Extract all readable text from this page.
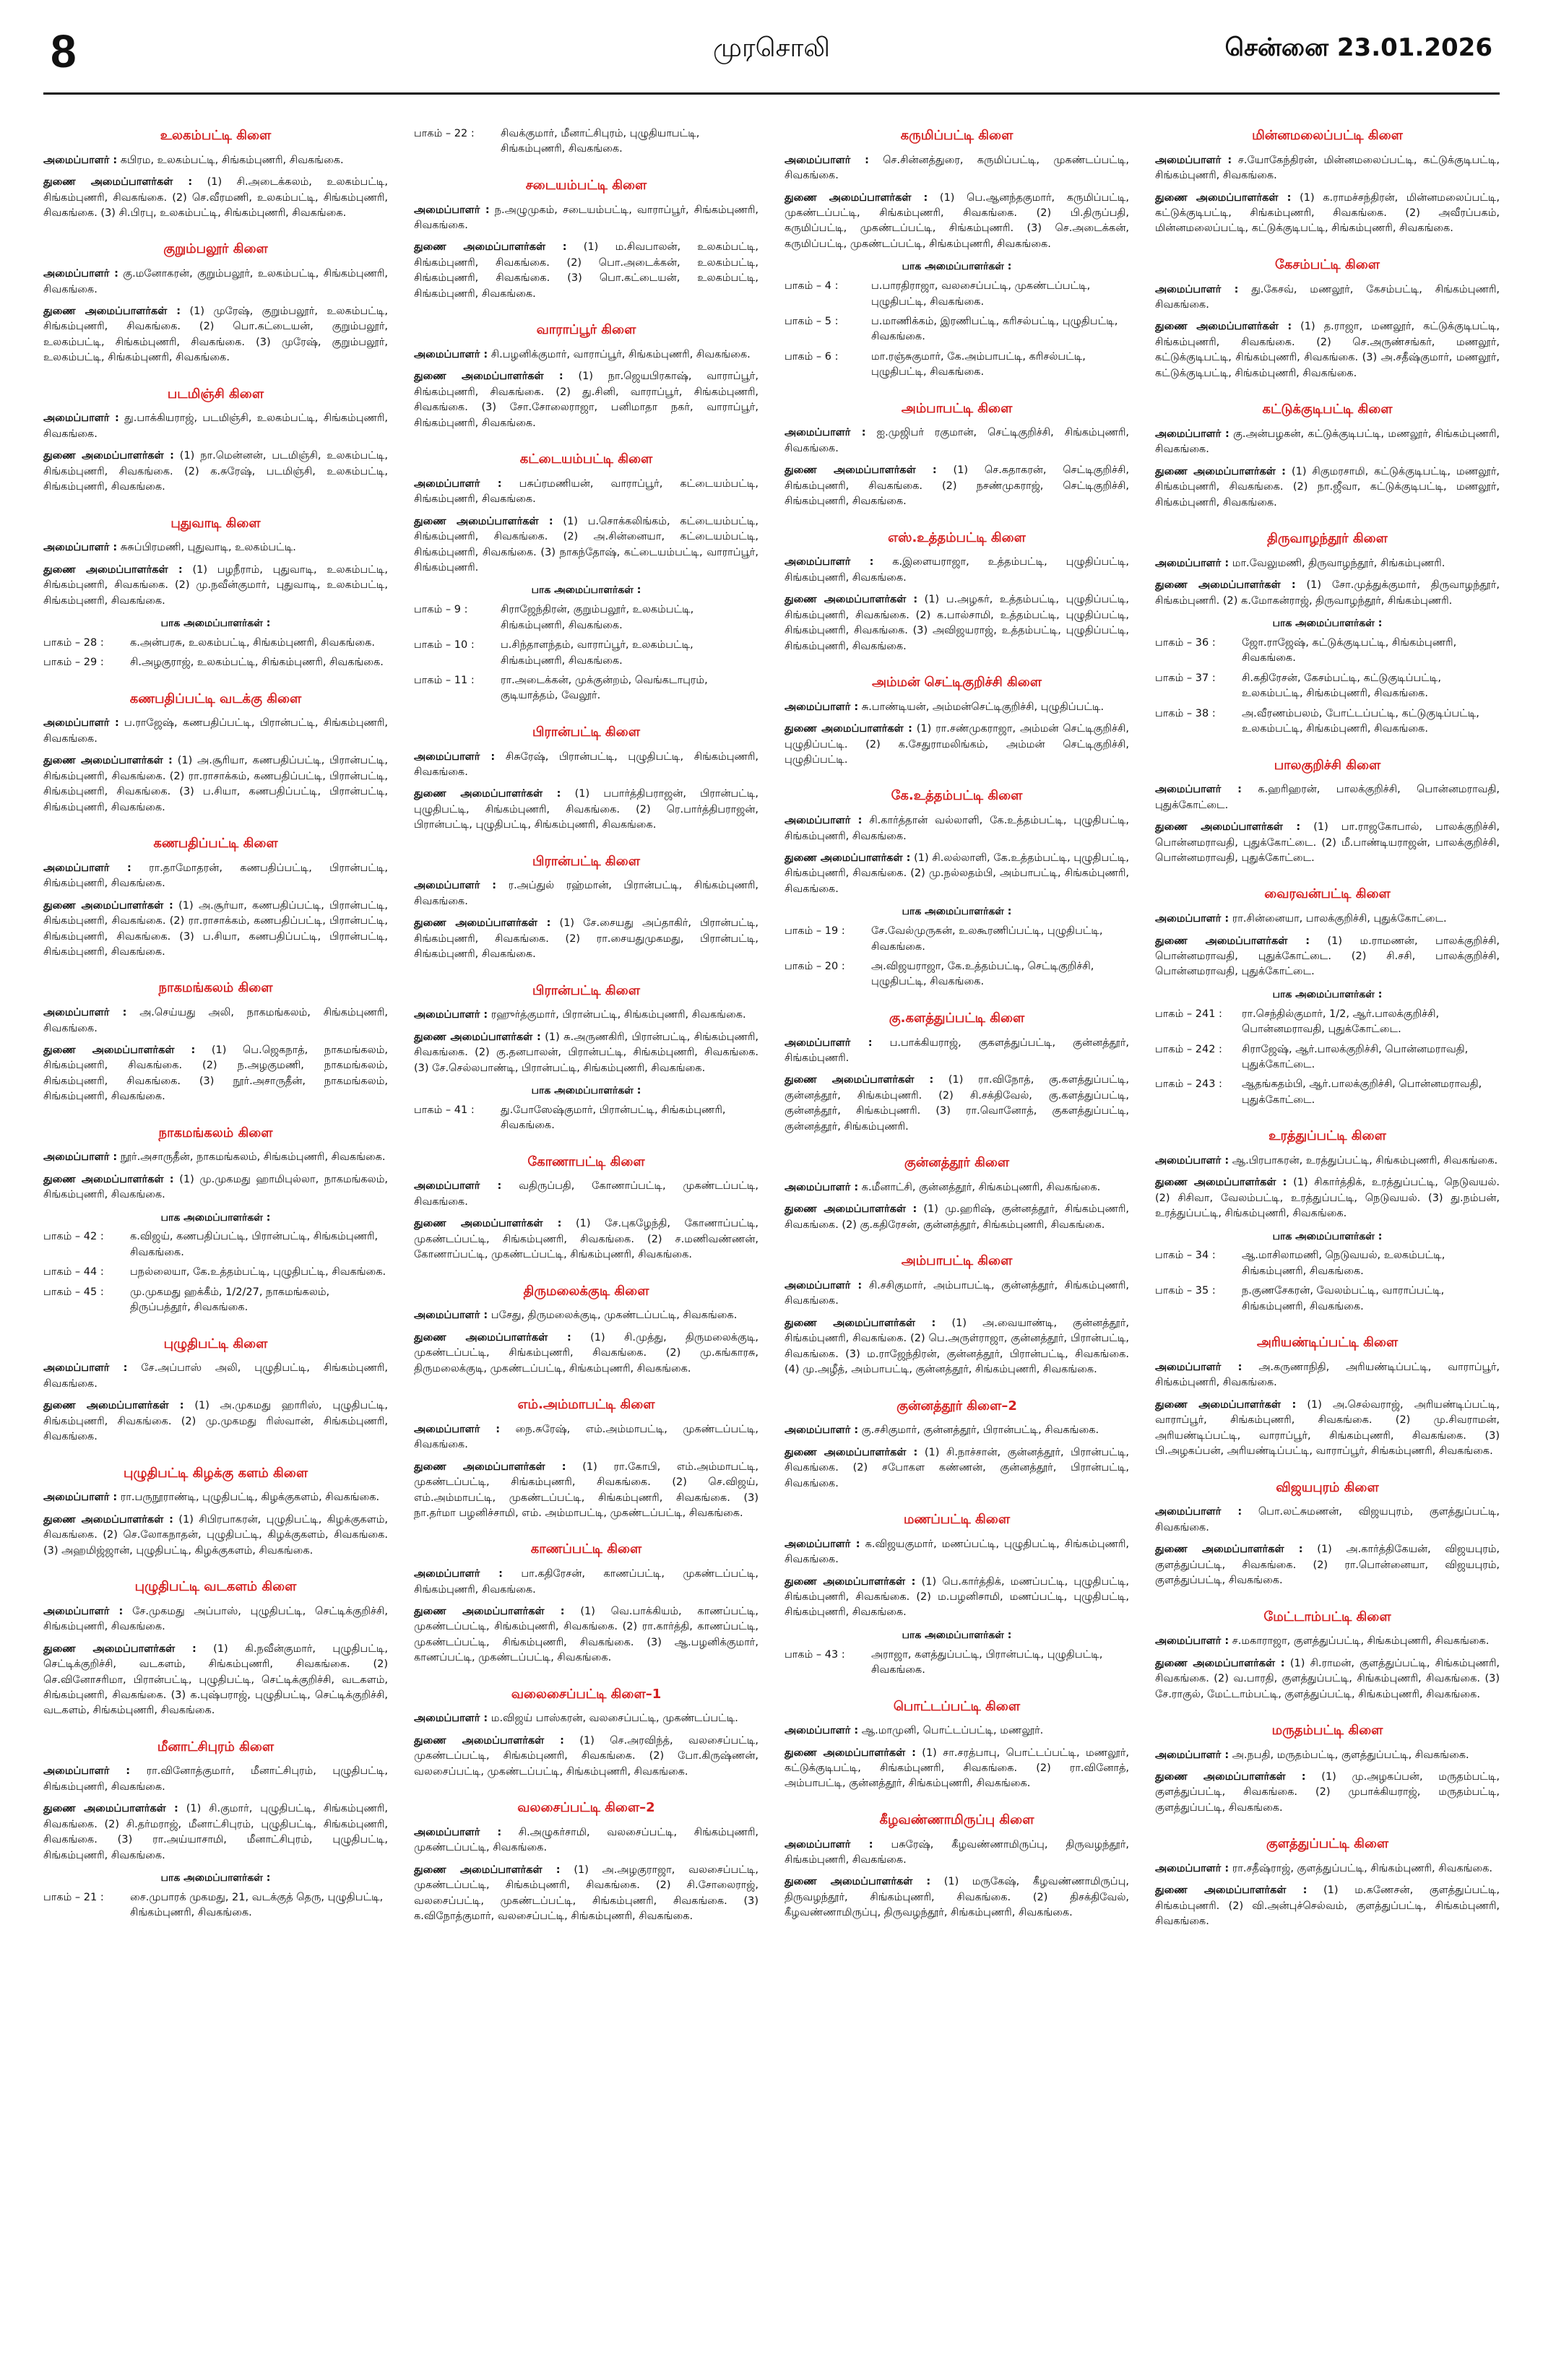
8	முரசொலி	சென்னை 23.01.2026
உலகம்பட்டி கிளை

அமைப்பாளர் : கபிரம, உலகம்பட்டி, சிங்கம்புணரி, சிவகங்கை.

துணை அமைப்பாளர்கள் : (1) சி.அடைக்கலம், உலகம்பட்டி, சிங்கம்புணரி, சிவகங்கை. (2) செ.வீரமணி, உலகம்பட்டி, சிங்கம்புணரி, சிவகங்கை. (3) சி.பிரபு, உலகம்பட்டி, சிங்கம்புணரி, சிவகங்கை.

குறும்பலூர் கிளை

அமைப்பாளர் : கு.மனோகரன், குறும்பலூர், உலகம்பட்டி, சிங்கம்புணரி, சிவகங்கை.

துணை அமைப்பாளர்கள் : (1) முரேஷ், குறும்பலூர், உலகம்பட்டி, சிங்கம்புணரி, சிவகங்கை. (2) பொ.கட்டையன், குறும்பலூர், உலகம்பட்டி, சிங்கம்புணரி, சிவகங்கை. (3) முரேஷ், குறும்பலூர், உலகம்பட்டி, சிங்கம்புணரி, சிவகங்கை.

படமிஞ்சி கிளை

அமைப்பாளர் : து.பாக்கியராஜ், படமிஞ்சி, உலகம்பட்டி, சிங்கம்புணரி, சிவகங்கை.

துணை அமைப்பாளர்கள் : (1) நா.மென்னன், படமிஞ்சி, உலகம்பட்டி, சிங்கம்புணரி, சிவகங்கை. (2) க.சுரேஷ், படமிஞ்சி, உலகம்பட்டி, சிங்கம்புணரி, சிவகங்கை.

புதுவாடி கிளை

அமைப்பாளர் : சுசுப்பிரமணி, புதுவாடி, உலகம்பட்டி.

துணை அமைப்பாளர்கள் : (1) பழநீராம், புதுவாடி, உலகம்பட்டி, சிங்கம்புணரி, சிவகங்கை. (2) மு.நவீன்குமார், புதுவாடி, உலகம்பட்டி, சிங்கம்புணரி, சிவகங்கை.

பாக அமைப்பாளர்கள் :
பாகம் – 28 :	க.அன்பரசு, உலகம்பட்டி, சிங்கம்புணரி, சிவகங்கை.
பாகம் – 29 :	சி.அழகுராஜ், உலகம்பட்டி, சிங்கம்புணரி, சிவகங்கை.
கணபதிப்பட்டி வடக்கு கிளை

அமைப்பாளர் : ப.ராஜேஷ், கணபதிப்பட்டி, பிரான்பட்டி, சிங்கம்புணரி, சிவகங்கை.

துணை அமைப்பாளர்கள் : (1) அ.சூரியா, கணபதிப்பட்டி, பிரான்பட்டி, சிங்கம்புணரி, சிவகங்கை. (2) ரா.ராசாக்கம், கணபதிப்பட்டி, பிரான்பட்டி, சிங்கம்புணரி, சிவகங்கை. (3) ப.சியா, கணபதிப்பட்டி, பிரான்பட்டி, சிங்கம்புணரி, சிவகங்கை.

கணபதிப்பட்டி கிளை

அமைப்பாளர் : ரா.தாமோதரன், கணபதிப்பட்டி, பிரான்பட்டி, சிங்கம்புணரி, சிவகங்கை.

துணை அமைப்பாளர்கள் : (1) அ.சூர்யா, கணபதிப்பட்டி, பிரான்பட்டி, சிங்கம்புணரி, சிவகங்கை. (2) ரா.ராசாக்கம், கணபதிப்பட்டி, பிரான்பட்டி, சிங்கம்புணரி, சிவகங்கை. (3) ப.சியா, கணபதிப்பட்டி, பிரான்பட்டி, சிங்கம்புணரி, சிவகங்கை.

நாகமங்கலம் கிளை

அமைப்பாளர் : அ.செய்யது அலி, நாகமங்கலம், சிங்கம்புணரி, சிவகங்கை.

துணை அமைப்பாளர்கள் : (1) பெ.ஜெகநாத், நாகமங்கலம், சிங்கம்புணரி, சிவகங்கை. (2) ந.அழகுமணி, நாகமங்கலம், சிங்கம்புணரி, சிவகங்கை. (3) நூர்.அசாருதீன், நாகமங்கலம், சிங்கம்புணரி, சிவகங்கை.

நாகமங்கலம் கிளை

அமைப்பாளர் : நூர்.அசாருதீன், நாகமங்கலம், சிங்கம்புணரி, சிவகங்கை.

துணை அமைப்பாளர்கள் : (1) மு.முகமது ஹாமிபுல்லா, நாகமங்கலம், சிங்கம்புணரி, சிவகங்கை.

பாக அமைப்பாளர்கள் :
பாகம் – 42 :	க.விஜய், கணபதிப்பட்டி, பிரான்பட்டி, சிங்கம்புணரி, சிவகங்கை.
பாகம் – 44 :	பநல்லையா, கே.உத்தம்பட்டி, புழுதிபட்டி, சிவகங்கை.
பாகம் – 45 :	மு.முகமது ஹக்கீம், 1/2/27, நாகமங்கலம், திருப்பத்தூர், சிவகங்கை.
புழுதிபட்டி கிளை

அமைப்பாளர் : சே.அப்பாஸ் அலி, புழுதிபட்டி, சிங்கம்புணரி, சிவகங்கை.

துணை அமைப்பாளர்கள் : (1) அ.முகமது ஹாரிஸ், புழுதிபட்டி, சிங்கம்புணரி, சிவகங்கை. (2) மு.முகமது ரிஸ்வான், சிங்கம்புணரி, சிவகங்கை.

புழுதிபட்டி கிழக்கு களம் கிளை

அமைப்பாளர் : ரா.பருநூராண்டி, புழுதிபட்டி, கிழக்குகளம், சிவகங்கை.

துணை அமைப்பாளர்கள் : (1) சிபிரபாகரன், புழுதிபட்டி, கிழக்குகளம், சிவகங்கை. (2) செ.லோகநாதன், புழுதிபட்டி, கிழக்குகளம், சிவகங்கை. (3) அஹமிஜ்ஜான், புழுதிபட்டி, கிழக்குகளம், சிவகங்கை.

புழுதிபட்டி வடகளம் கிளை

அமைப்பாளர் : சே.முகமது அப்பாஸ், புழுதிபட்டி, செட்டிக்குறிச்சி, சிங்கம்புணரி, சிவகங்கை.

துணை அமைப்பாளர்கள் : (1) கி.நவீன்குமார், புழுதிபட்டி, செட்டிக்குறிச்சி, வடகளம், சிங்கம்புணரி, சிவகங்கை. (2) செ.வினோசரிமா, பிரான்பட்டி, புழுதிபட்டி, செட்டிக்குறிச்சி, வடகளம், சிங்கம்புணரி, சிவகங்கை. (3) க.புஷ்பராஜ், புழுதிபட்டி, செட்டிக்குறிச்சி, வடகளம், சிங்கம்புணரி, சிவகங்கை.

மீனாட்சிபுரம் கிளை

அமைப்பாளர் : ரா.வினோத்குமார், மீனாட்சிபுரம், புழுதிபட்டி, சிங்கம்புணரி, சிவகங்கை.

துணை அமைப்பாளர்கள் : (1) சி.குமார், புழுதிபட்டி, சிங்கம்புணரி, சிவகங்கை. (2) சி.தர்மராஜ், மீனாட்சிபுரம், புழுதிபட்டி, சிங்கம்புணரி, சிவகங்கை. (3) ரா.அய்யாசாமி, மீனாட்சிபுரம், புழுதிபட்டி, சிங்கம்புணரி, சிவகங்கை.

பாக அமைப்பாளர்கள் :
பாகம் – 21 :	சை.முபாரக் முகமது, 21, வடக்குத் தெரு, புழுதிபட்டி, சிங்கம்புணரி, சிவகங்கை.
பாகம் – 22 :	சிவக்குமார், மீனாட்சிபுரம், புழுதியாபட்டி, சிங்கம்புணரி, சிவகங்கை.
சடையம்பட்டி கிளை

அமைப்பாளர் : ந.அழுமுகம், சடையம்பட்டி, வாராப்பூர், சிங்கம்புணரி, சிவகங்கை.

துணை அமைப்பாளர்கள் : (1) ம.சிவபாலன், உலகம்பட்டி, சிங்கம்புணரி, சிவகங்கை. (2) பொ.அடைக்கன், உலகம்பட்டி, சிங்கம்புணரி, சிவகங்கை. (3) பொ.கட்டையன், உலகம்பட்டி, சிங்கம்புணரி, சிவகங்கை.

வாராப்பூர் கிளை

அமைப்பாளர் : சி.பழனிக்குமார், வாராப்பூர், சிங்கம்புணரி, சிவகங்கை.

துணை அமைப்பாளர்கள் : (1) நா.ஜெயபிரகாஷ், வாராப்பூர், சிங்கம்புணரி, சிவகங்கை. (2) து.சினி, வாராப்பூர், சிங்கம்புணரி, சிவகங்கை. (3) சோ.சோலைராஜா, பனிமாதா நகர், வாராப்பூர், சிங்கம்புணரி, சிவகங்கை.

கட்டையம்பட்டி கிளை

அமைப்பாளர் : பசுப்ரமணியன், வாராப்பூர், கட்டையம்பட்டி, சிங்கம்புணரி, சிவகங்கை.

துணை அமைப்பாளர்கள் : (1) ப.சொக்கலிங்கம், கட்டையம்பட்டி, சிங்கம்புணரி, சிவகங்கை. (2) அ.சின்னையா, கட்டையம்பட்டி, சிங்கம்புணரி, சிவகங்கை. (3) நாகந்தோஷ், கட்டையம்பட்டி, வாராப்பூர், சிங்கம்புணரி.

பாக அமைப்பாளர்கள் :
பாகம் – 9 :	சிராஜேந்திரன், குறும்பலூர், உலகம்பட்டி, சிங்கம்புணரி, சிவகங்கை.
பாகம் – 10 :	ப.சிந்தாளந்தம், வாராப்பூர், உலகம்பட்டி, சிங்கம்புணரி, சிவகங்கை.
பாகம் – 11 :	ரா.அடைக்கன், முக்குன்றம், வெங்கடாபுரம், குடியாத்தம், வேலூர்.
பிரான்பட்டி கிளை

அமைப்பாளர் : சிசுரேஷ், பிரான்பட்டி, புழுதிபட்டி, சிங்கம்புணரி, சிவகங்கை.

துணை அமைப்பாளர்கள் : (1) பபார்த்திபராஜன், பிரான்பட்டி, புழுதிபட்டி, சிங்கம்புணரி, சிவகங்கை. (2) ரெ.பார்த்திபராஜன், பிரான்பட்டி, புழுதிபட்டி, சிங்கம்புணரி, சிவகங்கை.

பிரான்பட்டி கிளை

அமைப்பாளர் : ர.அப்துல் ரஹ்மான், பிரான்பட்டி, சிங்கம்புணரி, சிவகங்கை.

துணை அமைப்பாளர்கள் : (1) சே.சையது அப்தாகிர், பிரான்பட்டி, சிங்கம்புணரி, சிவகங்கை. (2) ரா.சையதுமுகமது, பிரான்பட்டி, சிங்கம்புணரி, சிவகங்கை.

பிரான்பட்டி கிளை

அமைப்பாளர் : ரஹுர்த்குமார், பிரான்பட்டி, சிங்கம்புணரி, சிவகங்கை.

துணை அமைப்பாளர்கள் : (1) சு.அருணகிரி, பிரான்பட்டி, சிங்கம்புணரி, சிவகங்கை. (2) கு.தனபாலன், பிரான்பட்டி, சிங்கம்புணரி, சிவகங்கை. (3) சே.செல்லபாண்டி, பிரான்பட்டி, சிங்கம்புணரி, சிவகங்கை.

பாக அமைப்பாளர்கள் :
பாகம் – 41 :	து.போஸேஷ்குமார், பிரான்பட்டி, சிங்கம்புணரி, சிவகங்கை.
கோணாபட்டி கிளை

அமைப்பாளர் : வதிருப்பதி, கோணாப்பட்டி, முகண்டப்பட்டி, சிவகங்கை.

துணை அமைப்பாளர்கள் : (1) சே.புகழேந்தி, கோணாப்பட்டி, முகண்டப்பட்டி, சிங்கம்புணரி, சிவகங்கை. (2) ச.மணிவண்ணன், கோணாப்பட்டி, முகண்டப்பட்டி, சிங்கம்புணரி, சிவகங்கை.

திருமலைக்குடி கிளை

அமைப்பாளர் : பசேது, திருமலைக்குடி, முகண்டப்பட்டி, சிவகங்கை.

துணை அமைப்பாளர்கள் : (1) சி.முத்து, திருமலைக்குடி, முகண்டப்பட்டி, சிங்கம்புணரி, சிவகங்கை. (2) மு.கங்காரசு, திருமலைக்குடி, முகண்டப்பட்டி, சிங்கம்புணரி, சிவகங்கை.

எம்.அம்மாபட்டி கிளை

அமைப்பாளர் : நை.சுரேஷ், எம்.அம்மாபட்டி, முகண்டப்பட்டி, சிவகங்கை.

துணை அமைப்பாளர்கள் : (1) ரா.கோபி, எம்.அம்மாபட்டி, முகண்டப்பட்டி, சிங்கம்புணரி, சிவகங்கை. (2) செ.விஜய், எம்.அம்மாபட்டி, முகண்டப்பட்டி, சிங்கம்புணரி, சிவகங்கை. (3) நா.தர்மா பழனிச்சாமி, எம். அம்மாபட்டி, முகண்டப்பட்டி, சிவகங்கை.

காணப்பட்டி கிளை

அமைப்பாளர் : பா.கதிரேசன், காணப்பட்டி, முகண்டப்பட்டி, சிங்கம்புணரி, சிவகங்கை.

துணை அமைப்பாளர்கள் : (1) வெ.பாக்கியம், காணப்பட்டி, முகண்டப்பட்டி, சிங்கம்புணரி, சிவகங்கை. (2) ரா.கார்த்தி, காணப்பட்டி, முகண்டப்பட்டி, சிங்கம்புணரி, சிவகங்கை. (3) ஆ.பழனிக்குமார், காணப்பட்டி, முகண்டப்பட்டி, சிவகங்கை.

வலைசைப்பட்டி கிளை–1

அமைப்பாளர் : ம.விஜய் பாஸ்கரன், வலசைப்பட்டி, முகண்டப்பட்டி.

துணை அமைப்பாளர்கள் : (1) செ.அரவிந்த், வலசைப்பட்டி, முகண்டப்பட்டி, சிங்கம்புணரி, சிவகங்கை. (2) போ.கிருஷ்ணன், வலசைப்பட்டி, முகண்டப்பட்டி, சிங்கம்புணரி, சிவகங்கை.

வலசைப்பட்டி கிளை–2

அமைப்பாளர் : சி.அழுகர்சாமி, வலசைப்பட்டி, சிங்கம்புணரி, முகண்டப்பட்டி, சிவகங்கை.

துணை அமைப்பாளர்கள் : (1) அ.அழகுராஜா, வலசைப்பட்டி, முகண்டப்பட்டி, சிங்கம்புணரி, சிவகங்கை. (2) சி.சோலைராஜ், வலசைப்பட்டி, முகண்டப்பட்டி, சிங்கம்புணரி, சிவகங்கை. (3) க.விநோத்குமார், வலசைப்பட்டி, சிங்கம்புணரி, சிவகங்கை.

கருமிப்பட்டி கிளை

அமைப்பாளர் : செ.சின்னத்துரை, கருமிப்பட்டி, முகண்டப்பட்டி, சிவகங்கை.

துணை அமைப்பாளர்கள் : (1) பெ.ஆனந்தகுமார், கருமிப்பட்டி, முகண்டப்பட்டி, சிங்கம்புணரி, சிவகங்கை. (2) பி.திருப்பதி, கருமிப்பட்டி, முகண்டப்பட்டி, சிங்கம்புணரி. (3) செ.அடைக்கன், கருமிப்பட்டி, முகண்டப்பட்டி, சிங்கம்புணரி, சிவகங்கை.

பாக அமைப்பாளர்கள் :
பாகம் – 4 :	ப.பாரதிராஜா, வலசைப்பட்டி, முகண்டப்பட்டி, புழுதிபட்டி, சிவகங்கை.
பாகம் – 5 :	ப.மாணிக்கம், இரணிபட்டி, கரிசல்பட்டி, புழுதிபட்டி, சிவகங்கை.
பாகம் – 6 :	மா.ரஞ்சுகுமார், கே.அம்பாபட்டி, கரிசல்பட்டி, புழுதிபட்டி, சிவகங்கை.
அம்பாபட்டி கிளை

அமைப்பாளர் : ஐ.முஜிபர் ரகுமான், செட்டிகுறிச்சி, சிங்கம்புணரி, சிவகங்கை.

துணை அமைப்பாளர்கள் : (1) செ.கதாகரன், செட்டிகுறிச்சி, சிங்கம்புணரி, சிவகங்கை. (2) நசண்முகராஜ், செட்டிகுறிச்சி, சிங்கம்புணரி, சிவகங்கை.

எஸ்.உத்தம்பட்டி கிளை

அமைப்பாளர் : க.இளையராஜா, உத்தம்பட்டி, புழுதிப்பட்டி, சிங்கம்புணரி, சிவகங்கை.

துணை அமைப்பாளர்கள் : (1) ப.அழகர், உத்தம்பட்டி, புழுதிப்பட்டி, சிங்கம்புணரி, சிவகங்கை. (2) க.பால்சாமி, உத்தம்பட்டி, புழுதிப்பட்டி, சிங்கம்புணரி, சிவகங்கை. (3) அவிஜயராஜ், உத்தம்பட்டி, புழுதிப்பட்டி, சிங்கம்புணரி, சிவகங்கை.

அம்மன் செட்டிகுறிச்சி கிளை

அமைப்பாளர் : சு.பாண்டியன், அம்மன்செட்டிகுறிச்சி, புழுதிப்பட்டி.

துணை அமைப்பாளர்கள் : (1) ரா.சண்முகராஜா, அம்மன் செட்டிகுறிச்சி, புழுதிப்பட்டி. (2) க.சேதுராமலிங்கம், அம்மன் செட்டிகுறிச்சி, புழுதிப்பட்டி.

கே.உத்தம்பட்டி கிளை

அமைப்பாளர் : சி.கார்த்தான் வல்லாளி, கே.உத்தம்பட்டி, புழுதிபட்டி, சிங்கம்புணரி, சிவகங்கை.

துணை அமைப்பாளர்கள் : (1) சி.லல்லாளி, கே.உத்தம்பட்டி, புழுதிபட்டி, சிங்கம்புணரி, சிவகங்கை. (2) மு.நல்லதம்பி, அம்பாபட்டி, சிங்கம்புணரி, சிவகங்கை.

பாக அமைப்பாளர்கள் :
பாகம் – 19 :	சே.வேல்முருகன், உலகூரணிப்பட்டி, புழுதிபட்டி, சிவகங்கை.
பாகம் – 20 :	அ.விஜயராஜா, கே.உத்தம்பட்டி, செட்டிகுறிச்சி, புழுதிபட்டி, சிவகங்கை.
கு.களத்துப்பட்டி கிளை

அமைப்பாளர் : ப.பாக்கியராஜ், குகளத்துப்பட்டி, குன்னத்தூர், சிங்கம்புணரி.

துணை அமைப்பாளர்கள் : (1) ரா.விநோத், கு.களத்துப்பட்டி, குன்னத்தூர், சிங்கம்புணரி. (2) சி.சக்திவேல், கு.களத்துப்பட்டி, குன்னத்தூர், சிங்கம்புணரி. (3) ரா.வொனோத், குகளத்துப்பட்டி, குன்னத்தூர், சிங்கம்புணரி.

குன்னத்தூர் கிளை

அமைப்பாளர் : க.மீனாட்சி, குன்னத்தூர், சிங்கம்புணரி, சிவகங்கை.

துணை அமைப்பாளர்கள் : (1) மு.ஹரிஷ், குன்னத்தூர், சிங்கம்புணரி, சிவகங்கை. (2) கு.கதிரேசன், குன்னத்தூர், சிங்கம்புணரி, சிவகங்கை.

அம்பாபட்டி கிளை

அமைப்பாளர் : சி.சசிகுமார், அம்பாபட்டி, குன்னத்தூர், சிங்கம்புணரி, சிவகங்கை.

துணை அமைப்பாளர்கள் : (1) அ.வையாண்டி, குன்னத்தூர், சிங்கம்புணரி, சிவகங்கை. (2) பெ.அருள்ராஜா, குன்னத்தூர், பிரான்பட்டி, சிவகங்கை. (3) ம.ராஜேந்திரன், குன்னத்தூர், பிரான்பட்டி, சிவகங்கை. (4) மு.அழீத், அம்பாபட்டி, குன்னத்தூர், சிங்கம்புணரி, சிவகங்கை.

குன்னத்தூர் கிளை–2

அமைப்பாளர் : கு.சசிகுமார், குன்னத்தூர், பிரான்பட்டி, சிவகங்கை.

துணை அமைப்பாளர்கள் : (1) சி.நாச்சான், குன்னத்தூர், பிரான்பட்டி, சிவகங்கை. (2) சபோகள கண்ணன், குன்னத்தூர், பிரான்பட்டி, சிவகங்கை.

மணப்பட்டி கிளை

அமைப்பாளர் : க.விஜயகுமார், மணப்பட்டி, புழுதிபட்டி, சிங்கம்புணரி, சிவகங்கை.

துணை அமைப்பாளர்கள் : (1) பெ.கார்த்திக், மணப்பட்டி, புழுதிபட்டி, சிங்கம்புணரி, சிவகங்கை. (2) ம.பழனிசாமி, மணப்பட்டி, புழுதிபட்டி, சிங்கம்புணரி, சிவகங்கை.

பாக அமைப்பாளர்கள் :
பாகம் – 43 :	அராஜா, களத்துப்பட்டி, பிரான்பட்டி, புழுதிபட்டி, சிவகங்கை.
பொட்டப்பட்டி கிளை

அமைப்பாளர் : ஆ.மாமுனி, பொட்டப்பட்டி, மணலூர்.

துணை அமைப்பாளர்கள் : (1) சா.சரத்பாபு, பொட்டப்பட்டி, மணலூர், கட்டுக்குடிபட்டி, சிங்கம்புணரி, சிவகங்கை. (2) ரா.வினோத், அம்பாபட்டி, குன்னத்தூர், சிங்கம்புணரி, சிவகங்கை.

கீழவண்ணாமிருப்பு கிளை

அமைப்பாளர் : பசுரேஷ், கீழவண்ணாமிருப்பு, திருவழந்தூர், சிங்கம்புணரி, சிவகங்கை.

துணை அமைப்பாளர்கள் : (1) மருகேஷ், கீழவண்ணாமிருப்பு, திருவழந்தூர், சிங்கம்புணரி, சிவகங்கை. (2) திசக்திவேல், கீழவண்ணாமிருப்பு, திருவழந்தூர், சிங்கம்புணரி, சிவகங்கை.

மின்னமலைப்பட்டி கிளை

அமைப்பாளர் : ச.யோகேந்திரன், மின்னமலைப்பட்டி, கட்டுக்குடிபட்டி, சிங்கம்புணரி, சிவகங்கை.

துணை அமைப்பாளர்கள் : (1) க.ராமச்சந்திரன், மின்னமலைப்பட்டி, கட்டுக்குடிபட்டி, சிங்கம்புணரி, சிவகங்கை. (2) அவீரப்பகம், மின்னமலைப்பட்டி, கட்டுக்குடிபட்டி, சிங்கம்புணரி, சிவகங்கை.

கேசம்பட்டி கிளை

அமைப்பாளர் : து.கேசவ், மணலூர், கேசம்பட்டி, சிங்கம்புணரி, சிவகங்கை.

துணை அமைப்பாளர்கள் : (1) த.ராஜா, மணலூர், கட்டுக்குடிபட்டி, சிங்கம்புணரி, சிவகங்கை. (2) செ.அருண்சங்கர், மணலூர், கட்டுக்குடிபட்டி, சிங்கம்புணரி, சிவகங்கை. (3) அ.சதீஷ்குமார், மணலூர், கட்டுக்குடிபட்டி, சிங்கம்புணரி, சிவகங்கை.

கட்டுக்குடிபட்டி கிளை

அமைப்பாளர் : கு.அன்பழகன், கட்டுக்குடிபட்டி, மணலூர், சிங்கம்புணரி, சிவகங்கை.

துணை அமைப்பாளர்கள் : (1) சிகுமரசாமி, கட்டுக்குடிபட்டி, மணலூர், சிங்கம்புணரி, சிவகங்கை. (2) நா.ஜீவா, கட்டுக்குடிபட்டி, மணலூர், சிங்கம்புணரி, சிவகங்கை.

திருவாழந்தூர் கிளை

அமைப்பாளர் : மா.வேலுமணி, திருவாழந்தூர், சிங்கம்புணரி.

துணை அமைப்பாளர்கள் : (1) சோ.முத்துக்குமார், திருவாழந்தூர், சிங்கம்புணரி. (2) க.மோகன்ராஜ், திருவாழந்தூர், சிங்கம்புணரி.

பாக அமைப்பாளர்கள் :
பாகம் – 36 :	ஜோ.ராஜேஷ், கட்டுக்குடிபட்டி, சிங்கம்புணரி, சிவகங்கை.
பாகம் – 37 :	சி.கதிரேசன், கேசம்பட்டி, கட்டுகுடிப்பட்டி, உலகம்பட்டி, சிங்கம்புணரி, சிவகங்கை.
பாகம் – 38 :	அ.வீரணம்பலம், போட்டப்பட்டி, கட்டுகுடிப்பட்டி, உலகம்பட்டி, சிங்கம்புணரி, சிவகங்கை.
பாலகுறிச்சி கிளை

அமைப்பாளர் : க.ஹரிஹரன், பாலக்குறிச்சி, பொன்னமராவதி, புதுக்கோட்டை.

துணை அமைப்பாளர்கள் : (1) பா.ராஜகோபால், பாலக்குறிச்சி, பொன்னமராவதி, புதுக்கோட்டை. (2) மீ.பாண்டியராஜன், பாலக்குறிச்சி, பொன்னமராவதி, புதுக்கோட்டை.

வைரவன்பட்டி கிளை

அமைப்பாளர் : ரா.சின்னையா, பாலக்குறிச்சி, புதுக்கோட்டை.

துணை அமைப்பாளர்கள் : (1) ம.ராமணன், பாலக்குறிச்சி, பொன்னமராவதி, புதுக்கோட்டை. (2) சி.சசி, பாலக்குறிச்சி, பொன்னமராவதி, புதுக்கோட்டை.

பாக அமைப்பாளர்கள் :
பாகம் – 241 :	ரா.செந்தில்குமார், 1/2, ஆர்.பாலக்குறிச்சி, பொன்னமராவதி, புதுக்கோட்டை.
பாகம் – 242 :	சிராஜேஷ், ஆர்.பாலக்குறிச்சி, பொன்னமராவதி, புதுக்கோட்டை.
பாகம் – 243 :	ஆதங்கதம்பி, ஆர்.பாலக்குறிச்சி, பொன்னமராவதி, புதுக்கோட்டை.
உரத்துப்பட்டி கிளை

அமைப்பாளர் : ஆ.பிரபாகரன், உரத்துப்பட்டி, சிங்கம்புணரி, சிவகங்கை.

துணை அமைப்பாளர்கள் : (1) சிகார்த்திக், உரத்துப்பட்டி, நெடுவயல். (2) சிசிவா, வேலம்பட்டி, உரத்துப்பட்டி, நெடுவயல். (3) து.நம்பன், உரத்துப்பட்டி, சிங்கம்புணரி, சிவகங்கை.

பாக அமைப்பாளர்கள் :
பாகம் – 34 :	ஆ.மாசிலாமணி, நெடுவயல், உலகம்பட்டி, சிங்கம்புணரி, சிவகங்கை.
பாகம் – 35 :	ந.குணசேகரன், வேலம்பட்டி, வாராப்பட்டி, சிங்கம்புணரி, சிவகங்கை.
அரியண்டிப்பட்டி கிளை

அமைப்பாளர் : அ.கருணாநிதி, அரியண்டிப்பட்டி, வாராப்பூர், சிங்கம்புணரி, சிவகங்கை.

துணை அமைப்பாளர்கள் : (1) அ.செல்வராஜ், அரியண்டிப்பட்டி, வாராப்பூர், சிங்கம்புணரி, சிவகங்கை. (2) மு.சிவராமன், அரியண்டிப்பட்டி, வாராப்பூர், சிங்கம்புணரி, சிவகங்கை. (3) பி.அழகப்பன், அரியண்டிப்பட்டி, வாராப்பூர், சிங்கம்புணரி, சிவகங்கை.

விஜயபுரம் கிளை

அமைப்பாளர் : பொ.லட்சுமணன், விஜயபுரம், குளத்துப்பட்டி, சிவகங்கை.

துணை அமைப்பாளர்கள் : (1) அ.கார்த்திகேயன், விஜயபுரம், குளத்துப்பட்டி, சிவகங்கை. (2) ரா.பொன்னையா, விஜயபுரம், குளத்துப்பட்டி, சிவகங்கை.

மேட்டாம்பட்டி கிளை

அமைப்பாளர் : ச.மகாராஜா, குளத்துப்பட்டி, சிங்கம்புணரி, சிவகங்கை.

துணை அமைப்பாளர்கள் : (1) சி.ராமன், குளத்துப்பட்டி, சிங்கம்புணரி, சிவகங்கை. (2) வ.பாரதி, குளத்துப்பட்டி, சிங்கம்புணரி, சிவகங்கை. (3) சே.ராகுல், மேட்டாம்பட்டி, குளத்துப்பட்டி, சிங்கம்புணரி, சிவகங்கை.

மருதம்பட்டி கிளை

அமைப்பாளர் : அ.நபதி, மருதம்பட்டி, குளத்துப்பட்டி, சிவகங்கை.

துணை அமைப்பாளர்கள் : (1) மு.அழகப்பன், மருதம்பட்டி, குளத்துப்பட்டி, சிவகங்கை. (2) முபாக்கியராஜ், மருதம்பட்டி, குளத்துப்பட்டி, சிவகங்கை.

குளத்துப்பட்டி கிளை

அமைப்பாளர் : ரா.சதீஷ்ராஜ், குளத்துப்பட்டி, சிங்கம்புணரி, சிவகங்கை.

துணை அமைப்பாளர்கள் : (1) ம.கணேசன், குளத்துப்பட்டி, சிங்கம்புணரி. (2) வி.அன்புச்செல்வம், குளத்துப்பட்டி, சிங்கம்புணரி, சிவகங்கை.
